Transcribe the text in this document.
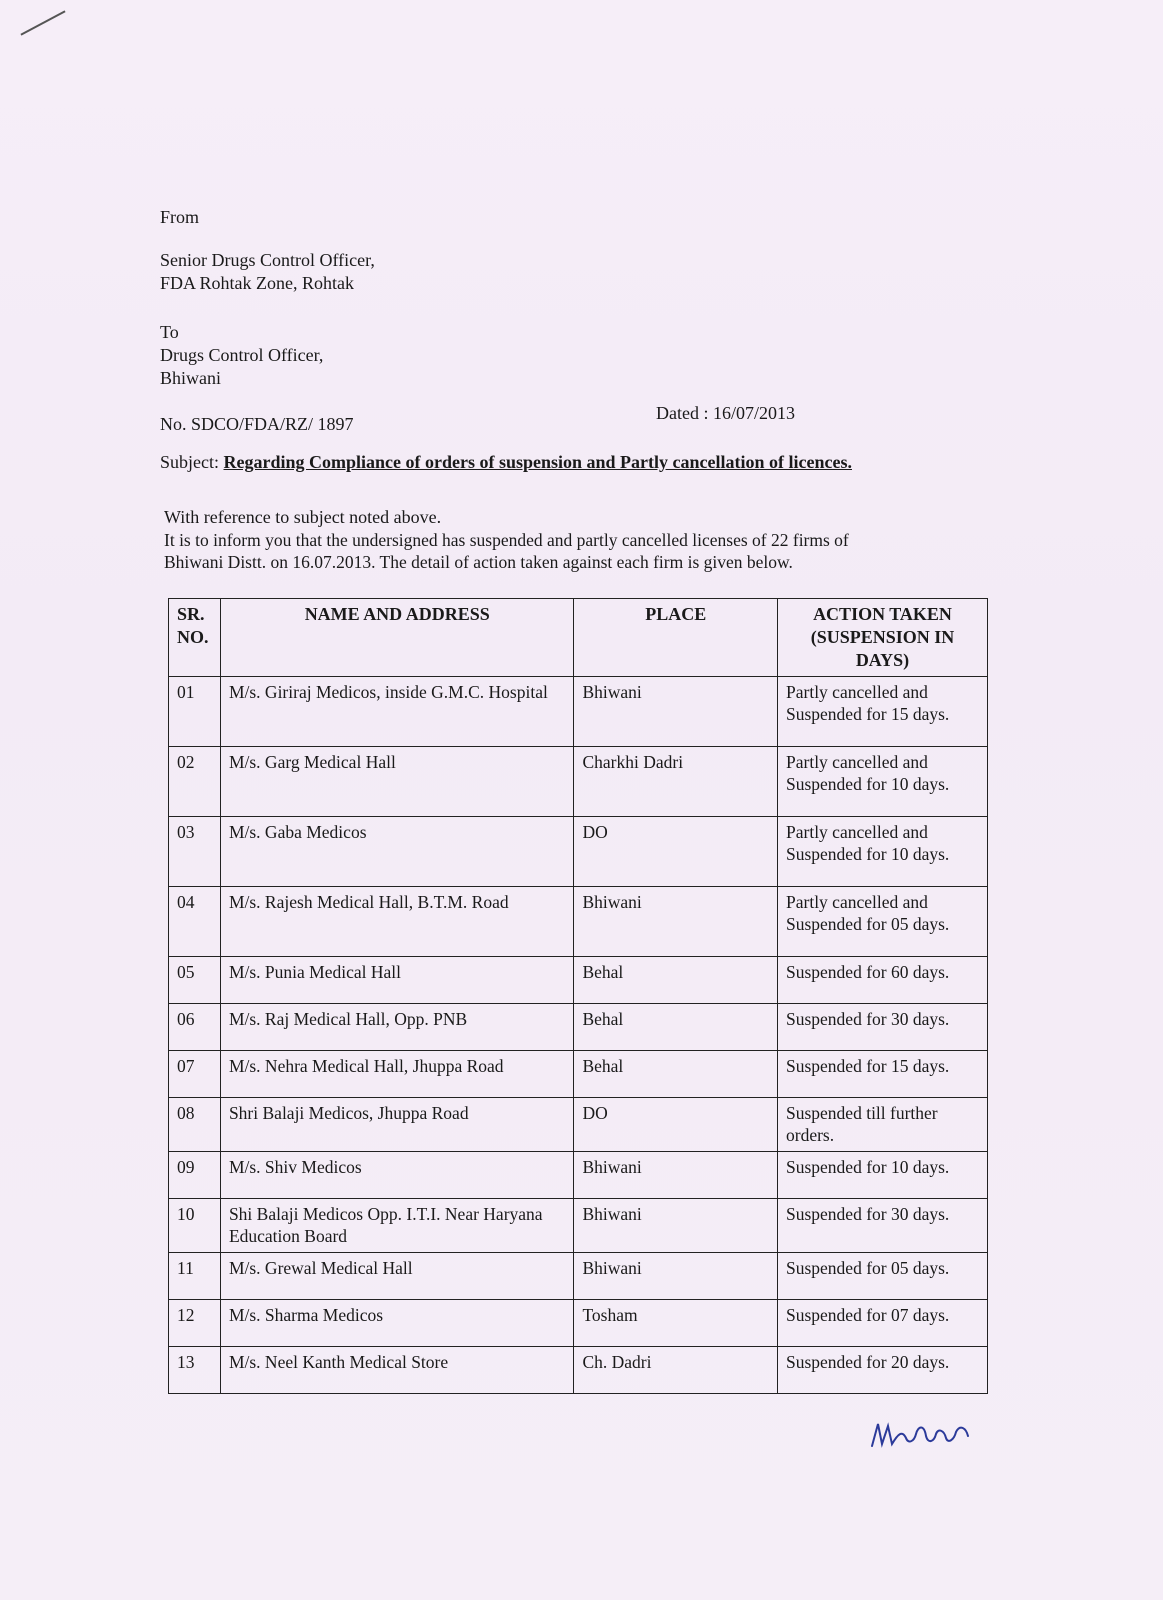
From
Senior Drugs Control Officer,
FDA Rohtak Zone, Rohtak
To
Drugs Control Officer,
Bhiwani
No. SDCO/FDA/RZ/ 1897
Dated : 16/07/2013
Subject: Regarding Compliance of orders of suspension and Partly cancellation of licences.
With reference to subject noted above.
It is to inform you that the undersigned has suspended and partly cancelled licenses of 22 firms of
Bhiwani Distt. on 16.07.2013. The detail of action taken against each firm is given below.
SR. NO.	NAME AND ADDRESS	PLACE	ACTION TAKEN (SUSPENSION IN DAYS)
01	M/s. Giriraj Medicos, inside G.M.C. Hospital	Bhiwani	Partly cancelled and Suspended for 15 days.
02	M/s. Garg Medical Hall	Charkhi Dadri	Partly cancelled and Suspended for 10 days.
03	M/s. Gaba Medicos	DO	Partly cancelled and Suspended for 10 days.
04	M/s. Rajesh Medical Hall, B.T.M. Road	Bhiwani	Partly cancelled and Suspended for 05 days.
05	M/s. Punia Medical Hall	Behal	Suspended for 60 days.
06	M/s. Raj Medical Hall, Opp. PNB	Behal	Suspended for 30 days.
07	M/s. Nehra Medical Hall, Jhuppa Road	Behal	Suspended for 15 days.
08	Shri Balaji Medicos, Jhuppa Road	DO	Suspended till further orders.
09	M/s. Shiv Medicos	Bhiwani	Suspended for 10 days.
10	Shi Balaji Medicos Opp. I.T.I. Near Haryana Education Board	Bhiwani	Suspended for 30 days.
11	M/s. Grewal Medical Hall	Bhiwani	Suspended for 05 days.
12	M/s. Sharma Medicos	Tosham	Suspended for 07 days.
13	M/s. Neel Kanth Medical Store	Ch. Dadri	Suspended for 20 days.
